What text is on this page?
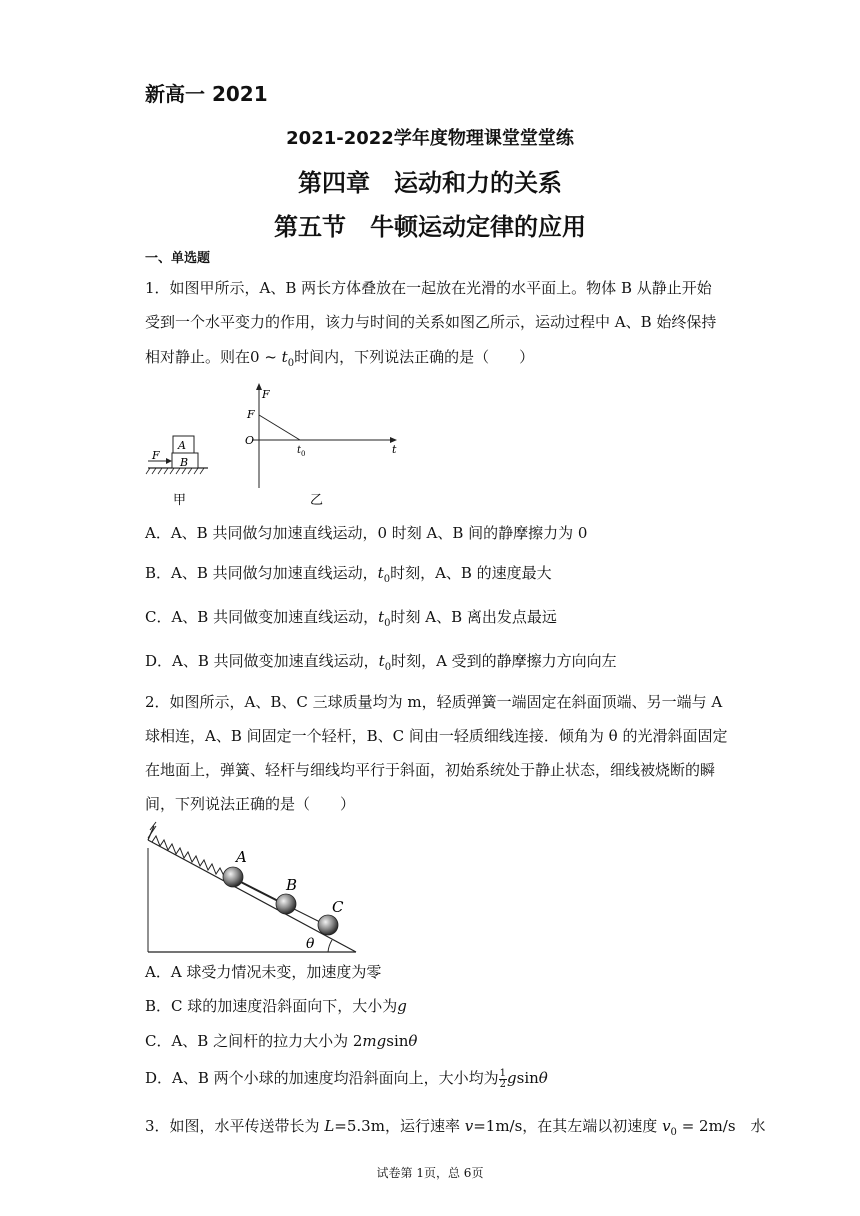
新高一 2021
2021-2022学年度物理课堂堂堂练
第四章　运动和力的关系
第五节　牛顿运动定律的应用
一、单选题
1．如图甲所示，A、B 两长方体叠放在一起放在光滑的水平面上。物体 B 从静止开始
受到一个水平变力的作用，该力与时间的关系如图乙所示，运动过程中 A、B 始终保持
相对静止。则在0 ~ $t_0$时间内，下列说法正确的是（　　）
A
B
F
甲
F
F
O
t 0	t
乙
A．A、B 共同做匀加速直线运动，0 时刻 A、B 间的静摩擦力为 0
B．A、B 共同做匀加速直线运动，$t_0$时刻，A、B 的速度最大
C．A、B 共同做变加速直线运动，$t_0$时刻 A、B 离出发点最远
D．A、B 共同做变加速直线运动，$t_0$时刻，A 受到的静摩擦力方向向左
2．如图所示，A、B、C 三球质量均为 m，轻质弹簧一端固定在斜面顶端、另一端与 A
球相连，A、B 间固定一个轻杆，B、C 间由一轻质细线连接．倾角为 θ 的光滑斜面固定
在地面上，弹簧、轻杆与细线均平行于斜面，初始系统处于静止状态，细线被烧断的瞬
间，下列说法正确的是（　　）
A
B
C
θ
A．A 球受力情况未变，加速度为零
B．C 球的加速度沿斜面向下，大小为g
C．A、B 之间杆的拉力大小为 2mgsinθ
D．A、B 两个小球的加速度均沿斜面向上，大小均为 $\frac{1}{2}$ gsinθ
3．如图，水平传送带长为 L=5.3m，运行速率 v=1m/s，在其左端以初速度 $v_0 = 2m/s$　水
试卷第 1页，总 6页
